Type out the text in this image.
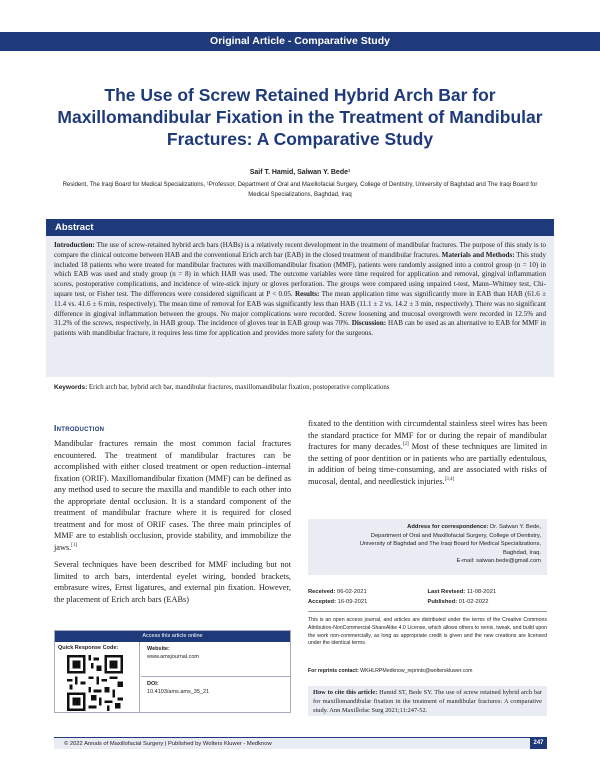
Original Article - Comparative Study
The Use of Screw Retained Hybrid Arch Bar for Maxillomandibular Fixation in the Treatment of Mandibular Fractures: A Comparative Study
Saif T. Hamid, Salwan Y. Bede¹
Resident, The Iraqi Board for Medical Specializations, ¹Professor, Department of Oral and Maxillofacial Surgery, College of Dentistry, University of Baghdad and The Iraqi Board for Medical Specializations, Baghdad, Iraq
Abstract
Introduction: The use of screw-retained hybrid arch bars (HABs) is a relatively recent development in the treatment of mandibular fractures. The purpose of this study is to compare the clinical outcome between HAB and the conventional Erich arch bar (EAB) in the closed treatment of mandibular fractures. Materials and Methods: This study included 18 patients who were treated for mandibular fractures with maxillomandibular fixation (MMF), patients were randomly assigned into a control group (n = 10) in which EAB was used and study group (n = 8) in which HAB was used. The outcome variables were time required for application and removal, gingival inflammation scores, postoperative complications, and incidence of wire-stick injury or gloves perforation. The groups were compared using unpaired t-test, Mann–Whitney test, Chi-square test, or Fisher test. The differences were considered significant at P < 0.05. Results: The mean application time was significantly more in EAB than HAB (61.6 ± 11.4 vs. 41.6 ± 6 min, respectively). The mean time of removal for EAB was significantly less than HAB (11.1 ± 2 vs. 14.2 ± 3 min, respectively). There was no significant difference in gingival inflammation between the groups. No major complications were recorded. Screw loosening and mucosal overgrowth were recorded in 12.5% and 31.2% of the screws, respectively, in HAB group. The incidence of gloves tear in EAB group was 70%. Discussion: HAB can be used as an alternative to EAB for MMF in patients with mandibular fracture, it requires less time for application and provides more safety for the surgeons.
Keywords: Erich arch bar, hybrid arch bar, mandibular fractures, maxillomandibular fixation, postoperative complications
Introduction

Mandibular fractures remain the most common facial fractures encountered. The treatment of mandibular fractures can be accomplished with either closed treatment or open reduction–internal fixation (ORIF). Maxillomandibular fixation (MMF) can be defined as any method used to secure the maxilla and mandible to each other into the appropriate dental occlusion. It is a standard component of the treatment of mandibular fracture where it is required for closed treatment and for most of ORIF cases. The three main principles of MMF are to establish occlusion, provide stability, and immobilize the jaws.[1]

Several techniques have been described for MMF including but not limited to arch bars, interdental eyelet wiring, bonded brackets, embrasure wires, Ernst ligatures, and external pin fixation. However, the placement of Erich arch bars (EABs)

fixated to the dentition with circumdental stainless steel wires has been the standard practice for MMF for or during the repair of mandibular fractures for many decades.[2] Most of these techniques are limited in the setting of poor dentition or in patients who are partially edentulous, in addition of being time-consuming, and are associated with risks of mucosal, dental, and needlestick injuries.[3,4]

Access this article online
Quick Response Code:	Website:
www.amsjournal.com
DOI:
10.4103/ams.ams_35_21
Address for correspondence: Dr. Salwan Y. Bede,
Department of Oral and Maxillofacial Surgery, College of Dentistry,
University of Baghdad and The Iraqi Board for Medical Specializations,
Baghdad, Iraq.
E-mail: salwan.bede@gmail.com
Received: 06-02-2021	Last Revised: 11-08-2021
Accepted: 16-09-2021	Published: 01-02-2022
This is an open access journal, and articles are distributed under the terms of the Creative Commons Attribution-NonCommercial-ShareAlike 4.0 License, which allows others to remix, tweak, and build upon the work non-commercially, as long as appropriate credit is given and the new creations are licensed under the identical terms.
For reprints contact: WKHLRPMedknow_reprints@wolterskluwer.com
How to cite this article: Hamid ST, Bede SY. The use of screw retained hybrid arch bar for maxillomandibular fixation in the treatment of mandibular fractures: A comparative study. Ann Maxillofac Surg 2021;11:247-52.
© 2022 Annals of Maxillofacial Surgery | Published by Wolters Kluwer - Medknow	247
